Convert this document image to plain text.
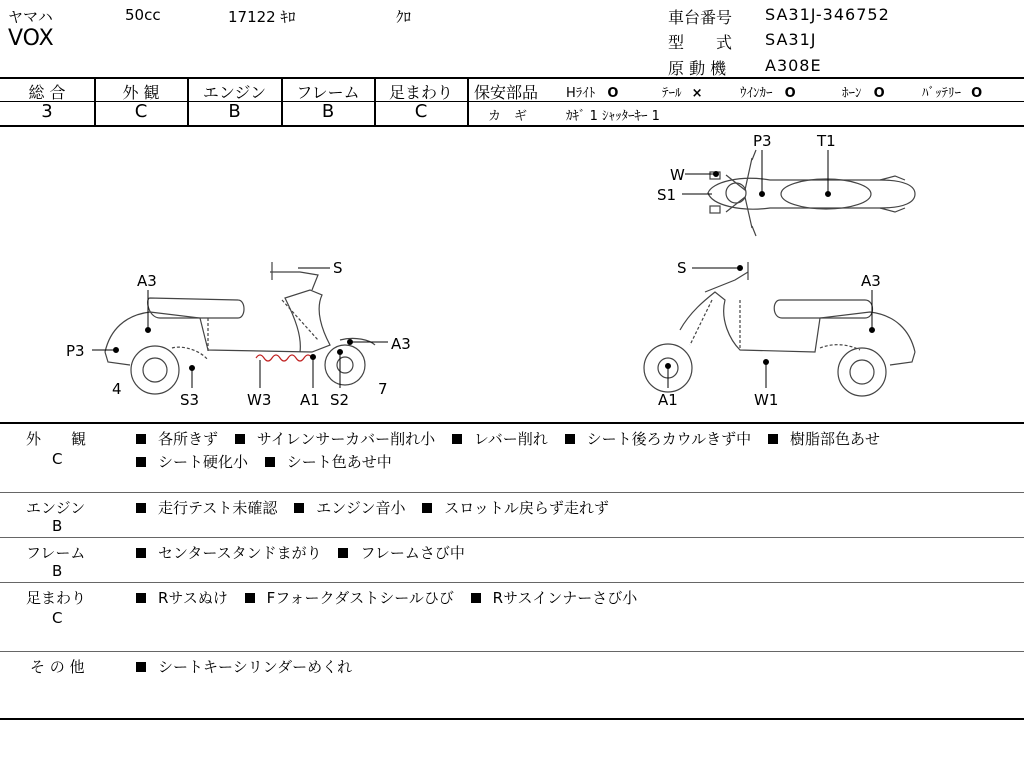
ヤマハ	50cc	17122 ｷﾛ	ｸﾛ
VOX
車台番号 SA31J-346752
型　　式 SA31J
原 動 機 A308E
総 合	外 観	エンジン	フレーム	足まわり
3	C	B	B	C
保安部品 Hﾗｲﾄ O	ﾃｰﾙ ×	ｳｲﾝｶｰ O	ﾎｰﾝ O	ﾊﾞｯﾃﾘｰ O
カ　ギ	ｶｷﾞ 1 ｼｬｯﾀｰｷｰ 1
W
S1
P3	T1
S
A3
P3	A3
4	7
S3	W3 A1 S2
S
A3
A1	W1
外　　観
C
各所きず	サイレンサーカバー削れ小	レバー削れ	シート後ろカウルきず中	樹脂部色あせ
シート硬化小	シート色あせ中
エンジン
B
走行テスト未確認	エンジン音小	スロットル戻らず走れず
フレーム
B
センタースタンドまがり	フレームさび中
足まわり
C
Rサスぬけ	Fフォークダストシールひび	Rサスインナーさび小
そ の 他	シートキーシリンダーめくれ
